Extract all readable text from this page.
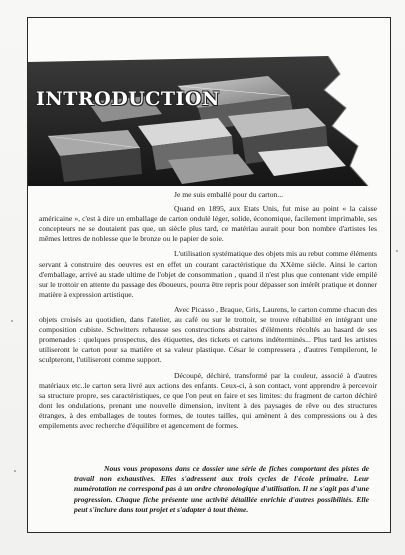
INTRODUCTION

Je me suis emballé pour du carton...

Quand en 1895, aux Etats Unis, fut mise au point « la caisse américaine », c'est à dire un emballage de carton ondulé léger, solide, économique, facilement imprimable, ses concepteurs ne se doutaient pas que, un siècle plus tard, ce matériau aurait pour bon nombre d'artistes les mêmes lettres de noblesse que le bronze ou le papier de soie.

L'utilisation systématique des objets mis au rebut comme éléments servant à construire des oeuvres est en effet un courant caractéristique du XXème siècle. Ainsi le carton d'emballage, arrivé au stade ultime de l'objet de consommation , quand il n'est plus que contenant vide empilé sur le trottoir en attente du passage des éboueurs, pourra être repris pour dépasser son intérêt pratique et donner matière à expression artistique.

Avec Picasso , Braque, Gris, Laurens, le carton comme chacun des objets croisés au quotidien, dans l'atelier, au café ou sur le trottoir, se trouve réhabilité en intégrant une composition cubiste. Schwitters rehausse ses constructions abstraites d'éléments récoltés au hasard de ses promenades : quelques prospectus, des étiquettes, des tickets et cartons indéterminés... Plus tard les artistes utiliseront le carton pour sa matière et sa valeur plastique. César le compressera , d'autres l'empileront, le sculpteront, l'utiliseront comme support.

Découpé, déchiré, transformé par la couleur, associé à d'autres matériaux etc..le carton sera livré aux actions des enfants. Ceux-ci, à son contact, vont apprendre à percevoir sa structure propre, ses caractéristiques, ce que l'on peut en faire et ses limites: du fragment de carton déchiré dont les ondulations, prenant une nouvelle dimension, invitent à des paysages de rêve ou des structures étranges, à des emballages de toutes formes, de toutes tailles, qui amènent à des compressions ou à des empilements avec recherche d'équilibre et agencement de formes.

Nous vous proposons dans ce dossier une série de fiches comportant des pistes de travail non exhaustives. Elles s'adressent aux trois cycles de l'école primaire. Leur numérotation ne correspond pas à un ordre chronologique d'utilisation. Il ne s'agit pas d'une progression. Chaque fiche présente une activité détaillée enrichie d'autres possibilités. Elle peut s'inclure dans tout projet et s'adapter à tout thème.
